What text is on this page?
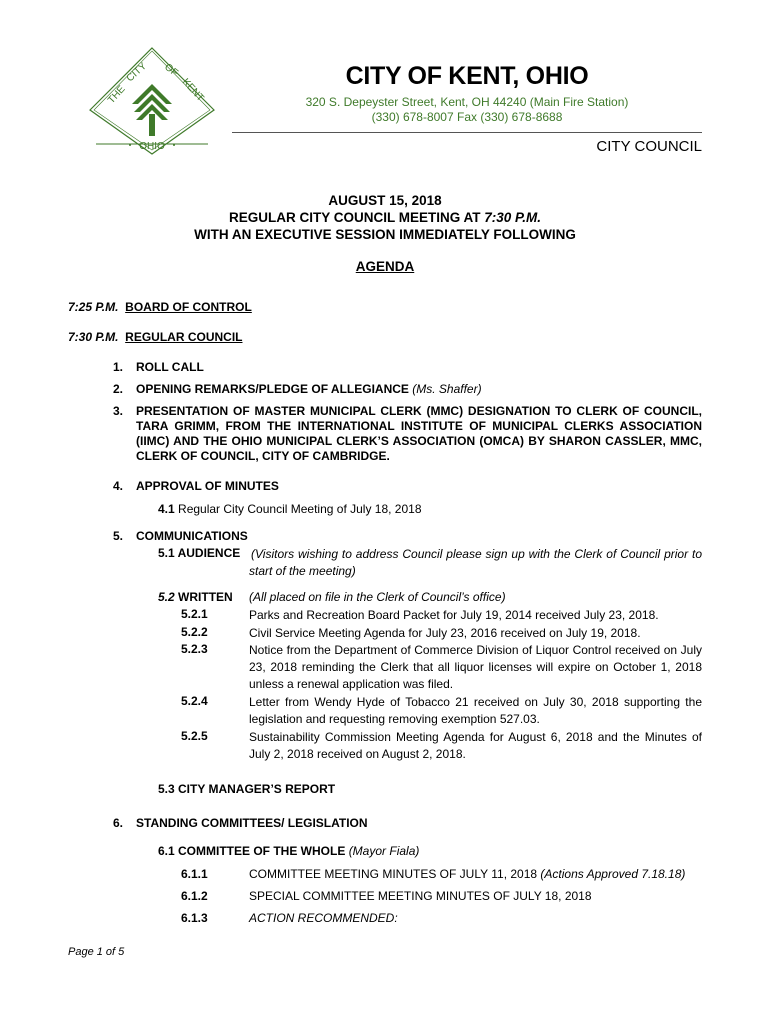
THE
CITY OF
KENT
OHIO
CITY OF KENT, OHIO
320 S. Depeyster Street, Kent, OH 44240 (Main Fire Station)
(330) 678-8007 Fax (330) 678-8688
CITY COUNCIL
AUGUST 15, 2018
REGULAR CITY COUNCIL MEETING AT 7:30 P.M.
WITH AN EXECUTIVE SESSION IMMEDIATELY FOLLOWING
AGENDA
7:25 P.M. BOARD OF CONTROL
7:30 P.M. REGULAR COUNCIL
1. ROLL CALL
2. OPENING REMARKS/PLEDGE OF ALLEGIANCE (Ms. Shaffer)
3. PRESENTATION OF MASTER MUNICIPAL CLERK (MMC) DESIGNATION TO CLERK OF COUNCIL, TARA GRIMM, FROM THE INTERNATIONAL INSTITUTE OF MUNICIPAL CLERKS ASSOCIATION (IIMC) AND THE OHIO MUNICIPAL CLERK’S ASSOCIATION (OMCA) BY SHARON CASSLER, MMC, CLERK OF COUNCIL, CITY OF CAMBRIDGE.
4. APPROVAL OF MINUTES
4.1 Regular City Council Meeting of July 18, 2018
5. COMMUNICATIONS
5.1 AUDIENCE (Visitors wishing to address Council please sign up with the Clerk of Council prior to start of the meeting)
5.2 WRITTEN (All placed on file in the Clerk of Council’s office)
5.2.1	Parks and Recreation Board Packet for July 19, 2014 received July 23, 2018.
5.2.2	Civil Service Meeting Agenda for July 23, 2016 received on July 19, 2018.
5.2.3	Notice from the Department of Commerce Division of Liquor Control received on July 23, 2018 reminding the Clerk that all liquor licenses will expire on October 1, 2018 unless a renewal application was filed.
5.2.4	Letter from Wendy Hyde of Tobacco 21 received on July 30, 2018 supporting the legislation and requesting removing exemption 527.03.
5.2.5	Sustainability Commission Meeting Agenda for August 6, 2018 and the Minutes of July 2, 2018 received on August 2, 2018.
5.3 CITY MANAGER’S REPORT
6. STANDING COMMITTEES/ LEGISLATION
6.1 COMMITTEE OF THE WHOLE (Mayor Fiala)
6.1.1	COMMITTEE MEETING MINUTES OF JULY 11, 2018 (Actions Approved 7.18.18)
6.1.2	SPECIAL COMMITTEE MEETING MINUTES OF JULY 18, 2018
6.1.3	ACTION RECOMMENDED:
Page 1 of 5
